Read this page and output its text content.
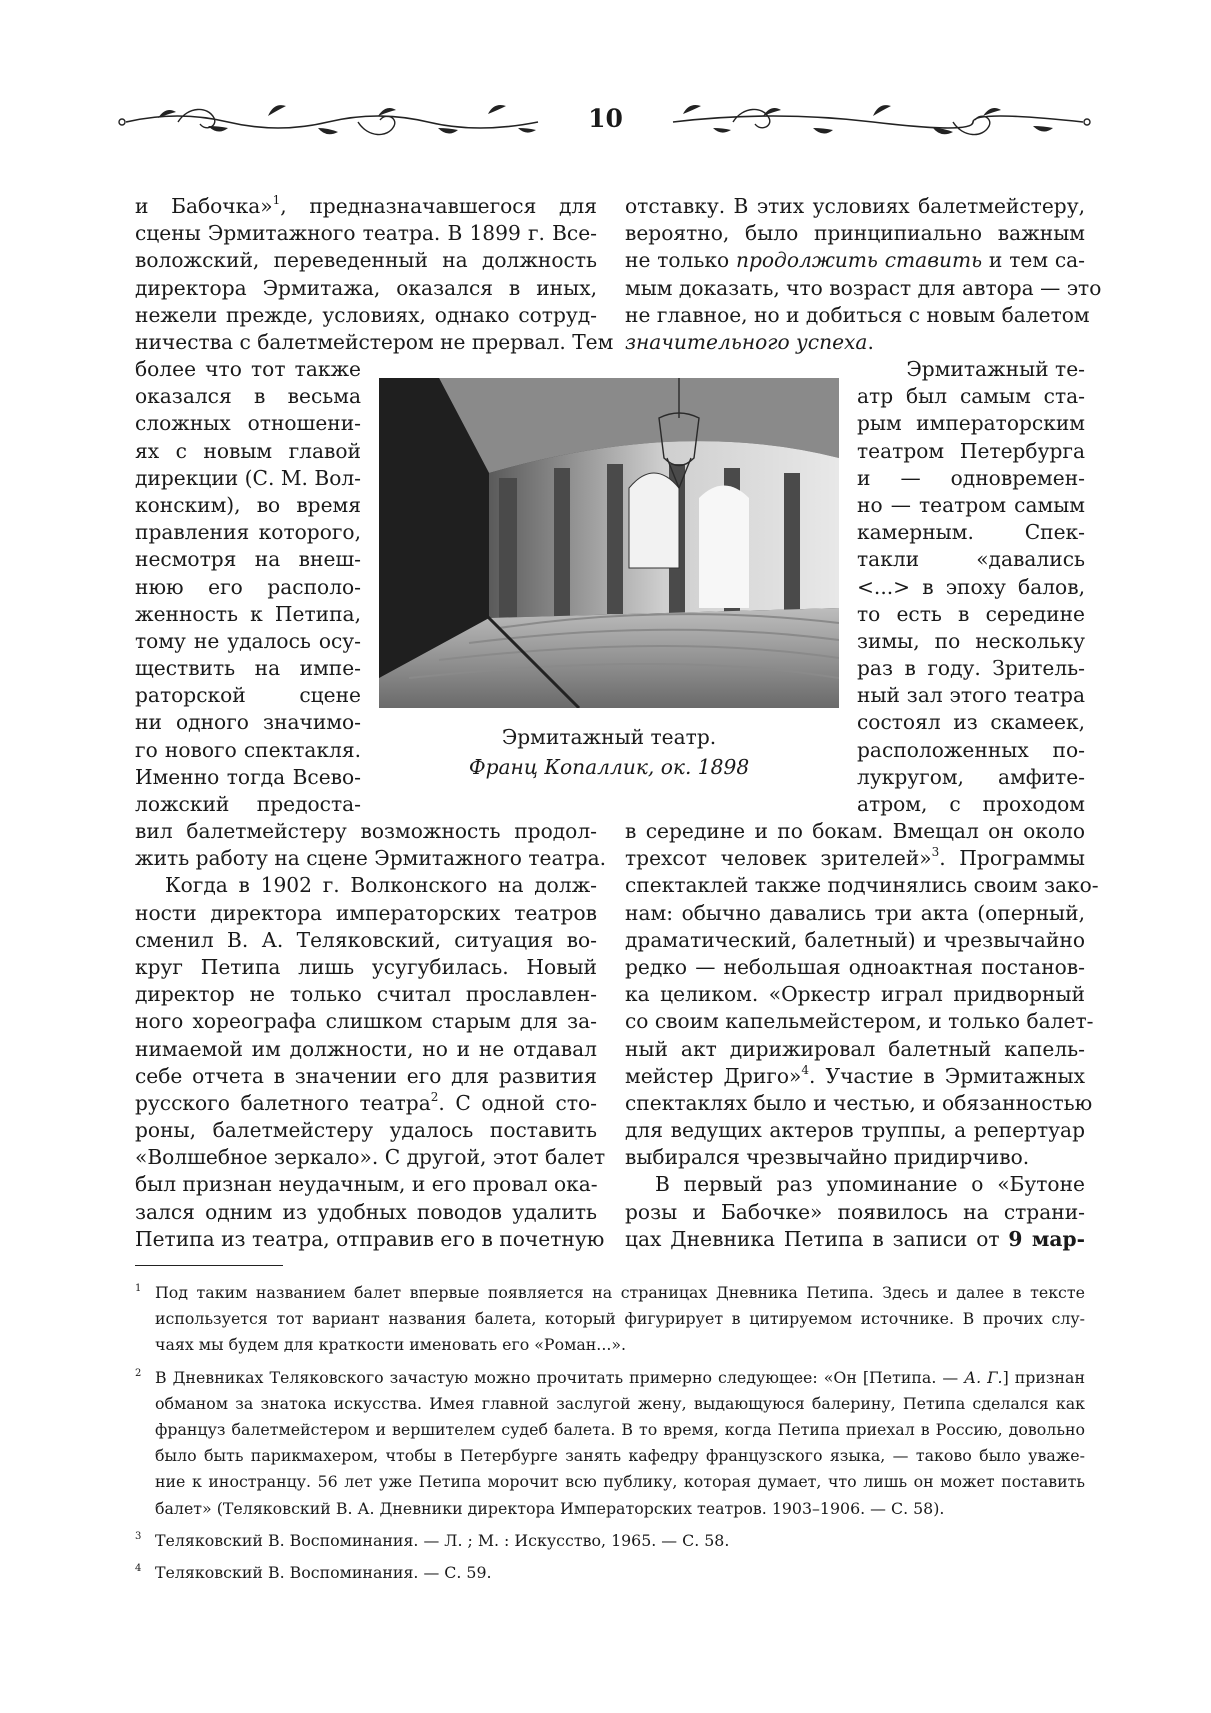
10
и Бабочка»$^1$, предназначавшегося для
сцены Эрмитажного театра. В 1899 г. Все-
воложский, переведенный на должность
директора Эрмитажа, оказался в иных,
нежели прежде, условиях, однако сотруд-
ничества с балетмейстером не прервал. Тем
более что тот также
оказался в весьма
сложных отношени-
ях с новым главой
дирекции (С. М. Вол-
конским), во время
правления которого,
несмотря на внеш-
нюю его располо-
женность к Петипа,
тому не удалось осу-
ществить на импе-
раторской сцене
ни одного значимо-
го нового спектакля.
Именно тогда Всево-
ложский предоста-
вил балетмейстеру возможность продол-
жить работу на сцене Эрмитажного театра.
Когда в 1902 г. Волконского на долж-
ности директора императорских театров
сменил В. А. Теляковский, ситуация во-
круг Петипа лишь усугубилась. Новый
директор не только считал прославлен-
ного хореографа слишком старым для за-
нимаемой им должности, но и не отдавал
себе отчета в значении его для развития
русского балетного театра$^2$. С одной сто-
роны, балетмейстеру удалось поставить
«Волшебное зеркало». С другой, этот балет
был признан неудачным, и его провал ока-
зался одним из удобных поводов удалить
Петипа из театра, отправив его в почетную
отставку. В этих условиях балетмейстеру,
вероятно, было принципиально важным
не только продолжить ставить и тем са-
мым доказать, что возраст для автора — это
не главное, но и добиться с новым балетом
значительного успеха.
Эрмитажный те-
атр был самым ста-
рым императорским
театром Петербурга
и — одновремен-
но — театром самым
камерным. Спек-
такли «давались
<...> в эпоху балов,
то есть в середине
зимы, по нескольку
раз в году. Зритель-
ный зал этого театра
состоял из скамеек,
расположенных по-
лукругом, амфите-
атром, с проходом
в середине и по бокам. Вмещал он около
трехсот человек зрителей»$^3$. Программы
спектаклей также подчинялись своим зако-
нам: обычно давались три акта (оперный,
драматический, балетный) и чрезвычайно
редко — небольшая одноактная постанов-
ка целиком. «Оркестр играл придворный
со своим капельмейстером, и только балет-
ный акт дирижировал балетный капель-
мейстер Дриго»$^4$. Участие в Эрмитажных
спектаклях было и честью, и обязанностью
для ведущих актеров труппы, а репертуар
выбирался чрезвычайно придирчиво.
В первый раз упоминание о «Бутоне
розы и Бабочке» появилось на страни-
цах Дневника Петипа в записи от 9 мар-
Эрмитажный театр.
Франц Копаллик, ок. 1898
1 Под таким названием балет впервые появляется на страницах Дневника Петипа. Здесь и далее в тексте
используется тот вариант названия балета, который фигурирует в цитируемом источнике. В прочих слу-
чаях мы будем для краткости именовать его «Роман...».
2 В Дневниках Теляковского зачастую можно прочитать примерно следующее: «Он [Петипа. — А. Г.] признан
обманом за знатока искусства. Имея главной заслугой жену, выдающуюся балерину, Петипа сделался как
француз балетмейстером и вершителем судеб балета. В то время, когда Петипа приехал в Россию, довольно
было быть парикмахером, чтобы в Петербурге занять кафедру французского языка, — таково было уваже-
ние к иностранцу. 56 лет уже Петипа морочит всю публику, которая думает, что лишь он может поставить
балет» (Теляковский В. А. Дневники директора Императорских театров. 1903–1906. — С. 58).
3 Теляковский В. Воспоминания. — Л. ; М. : Искусство, 1965. — С. 58.
4 Теляковский В. Воспоминания. — С. 59.
